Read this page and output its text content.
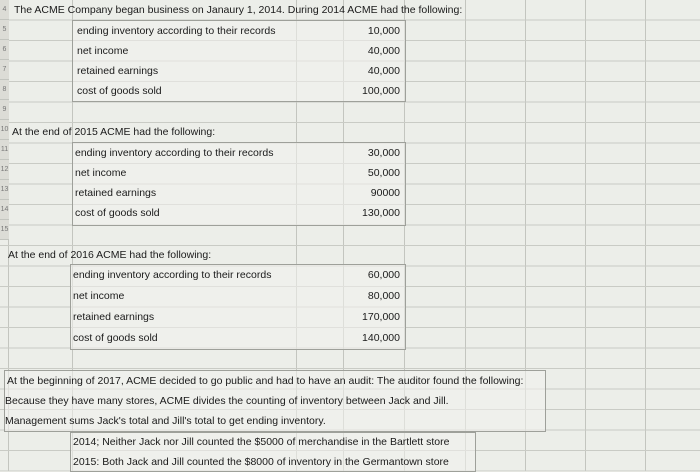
4
5
6
7
8
9
10
11
12
13
14
15
The ACME Company began business on Janaury 1, 2014. During 2014 ACME had the following:
ending inventory according to their records	10,000
net income	40,000
retained earnings	40,000
cost of goods sold	100,000
At the end of 2015 ACME had the following:
ending inventory according to their records	30,000
net income	50,000
retained earnings	90000
cost of goods sold	130,000
At the end of 2016 ACME had the following:
ending inventory according to their records	60,000
net income	80,000
retained earnings	170,000
cost of goods sold	140,000
At the beginning of 2017, ACME decided to go public and had to have an audit: The auditor found the following:
Because they have many stores, ACME divides the counting of inventory between Jack and Jill.
Management sums Jack's total and Jill's total to get ending inventory.
2014; Neither Jack nor Jill counted the $5000 of merchandise in the Bartlett store
2015: Both Jack and Jill counted the $8000 of inventory in the Germantown store
